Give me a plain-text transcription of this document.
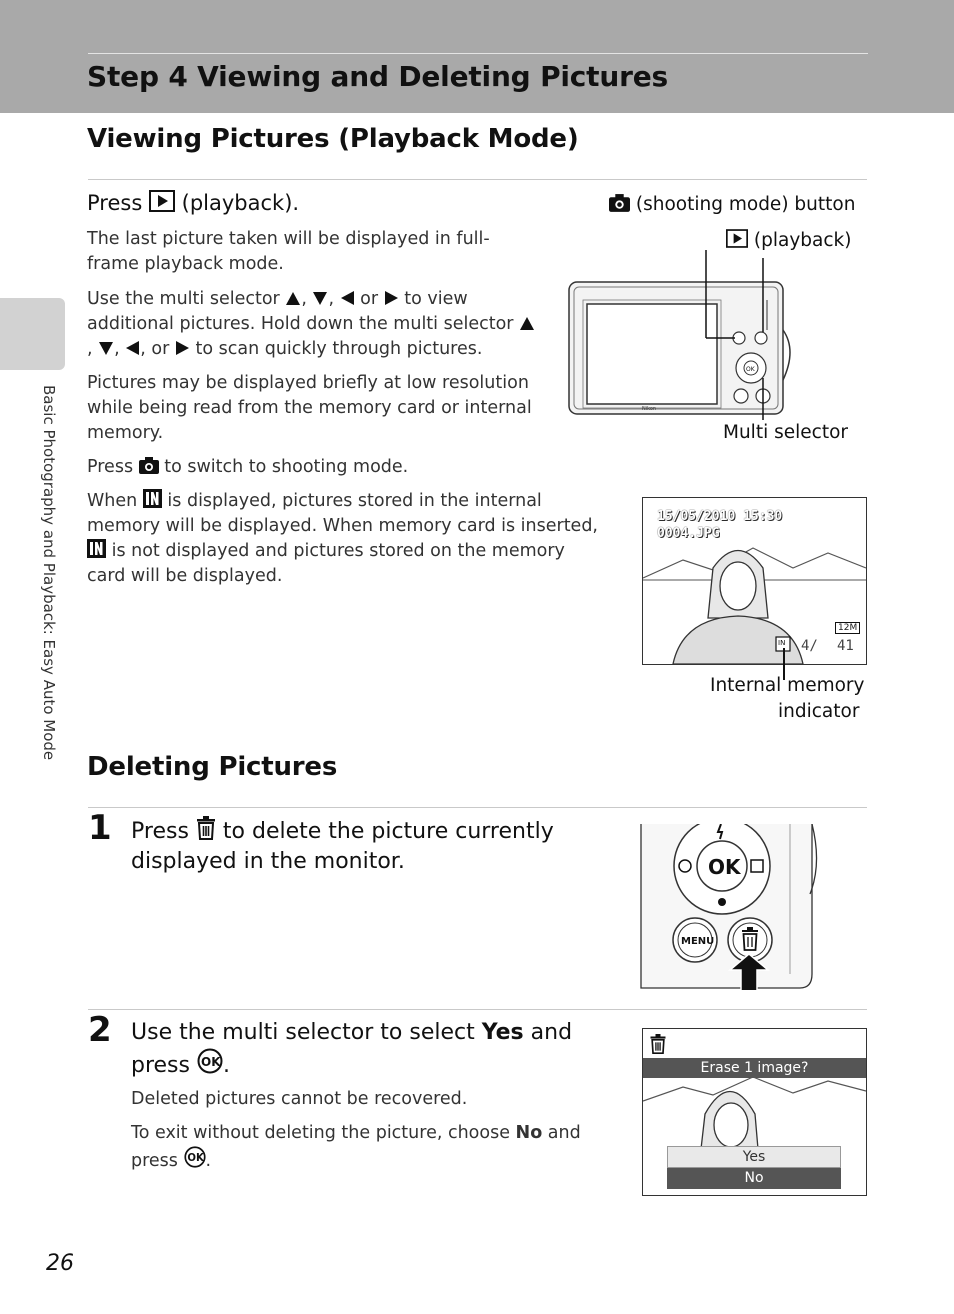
Step 4 Viewing and Deleting Pictures
Basic Photography and Playback: Easy Auto Mode
Viewing Pictures (Playback Mode)

Press (playback).

The last picture taken will be displayed in full-frame playback mode.

Use the multi selector ,
,
or to view additional pictures. Hold down the multi selector
,
,
, or to scan quickly through pictures.

Pictures may be displayed briefly at low resolution while being read from the memory card or internal memory.

Press to switch to shooting mode.

When is displayed, pictures stored in the internal memory will be displayed. When memory card is inserted,
is not displayed and pictures stored on the memory card will be displayed.

(shooting mode) button
(playback)
Multi selector
Nikon
OK
15/05/2010 15:30
0004.JPG
12M
4/ 41
IN
Internal memory
indicator
Deleting Pictures
1 Press to delete the picture currently displayed in the monitor.	OK
MENU
2 Use the multi selector to select Yes and press OK .

Deleted pictures cannot be recovered.

To exit without deleting the picture, choose No and press OK .

Erase 1 image?
Yes
No
26
